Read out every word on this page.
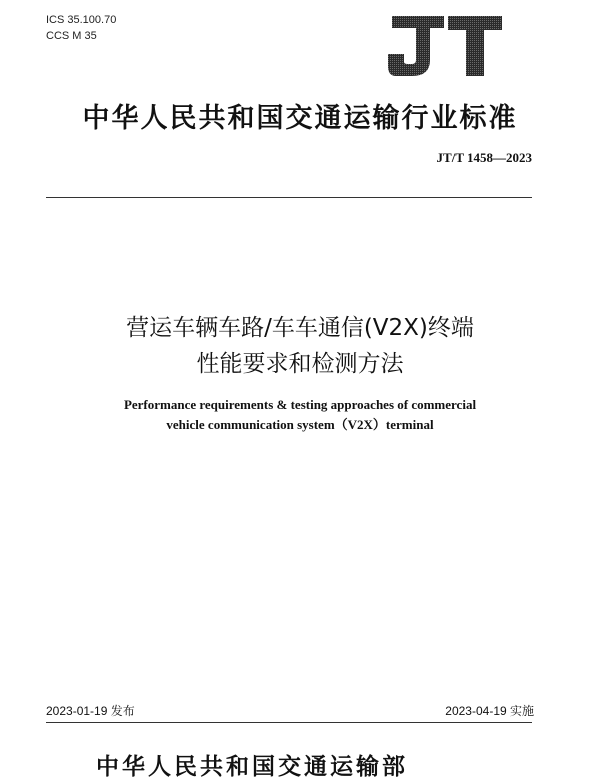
ICS 35.100.70
CCS M 35
中华人民共和国交通运输行业标准
JT/T 1458—2023
营运车辆车路/车车通信(V2X)终端
性能要求和检测方法
Performance requirements & testing approaches of commercial
vehicle communication system（V2X）terminal
2023-01-19 发布	2023-04-19 实施
中华人民共和国交通运输部
